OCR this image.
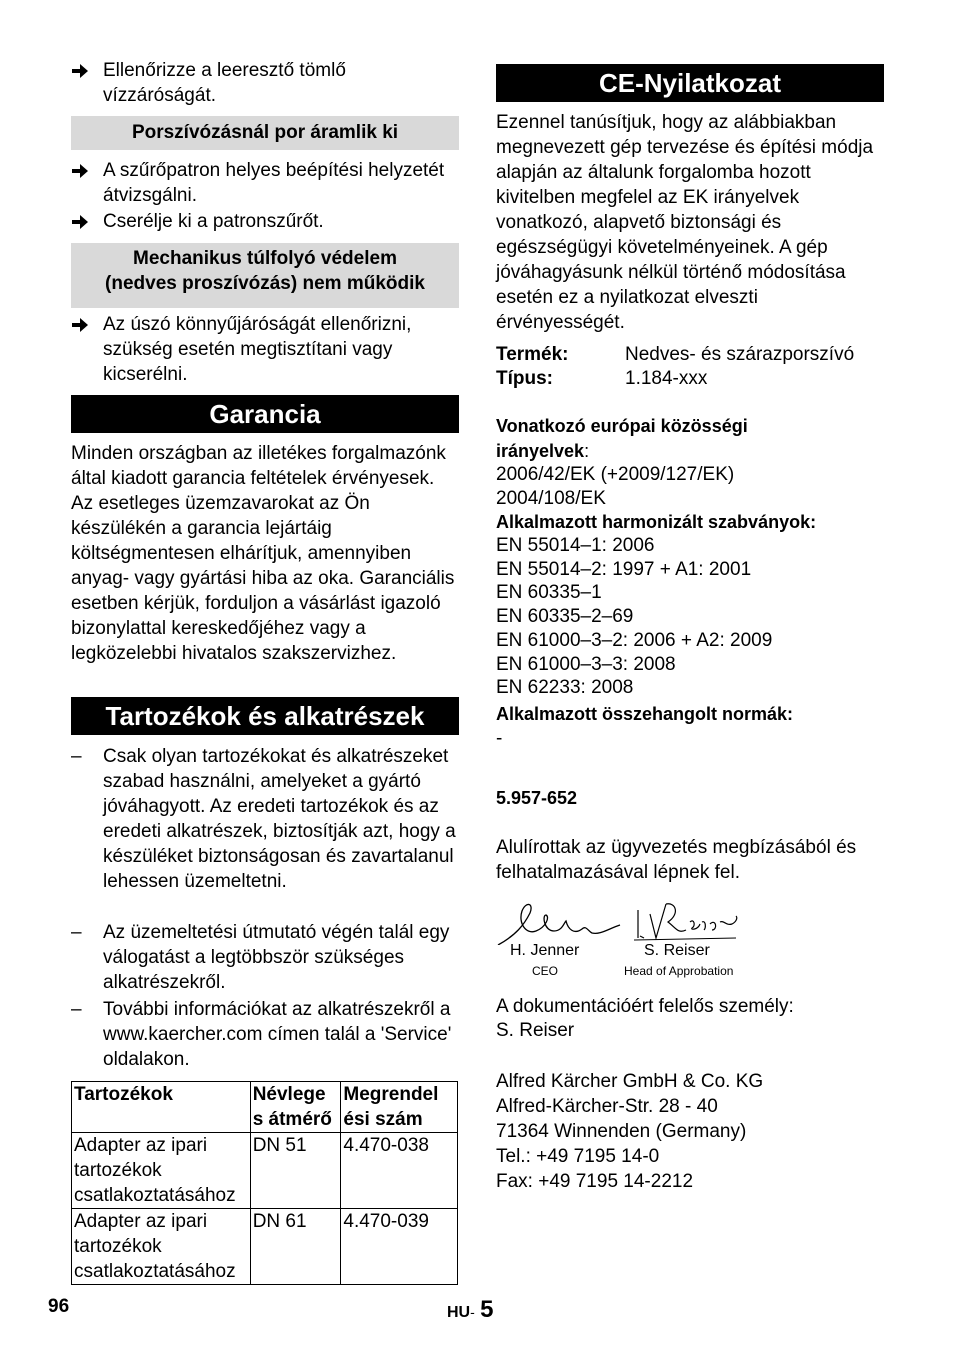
Ellenőrizze a leeresztő tömlő vízzáróságát.
Porszívózásnál por áramlik ki
A szűrőpatron helyes beépítési helyzetét átvizsgálni.
Cserélje ki a patronszűrőt.
Mechanikus túlfolyó védelem
(nedves proszívózás) nem működik
Az úszó könnyűjáróságát ellenőrizni, szükség esetén megtisztítani vagy kicserélni.
Garancia
Minden országban az illetékes forgalmazónk által kiadott garancia feltételek érvényesek. Az esetleges üzemzavarokat az Ön készülékén a garancia lejártáig költségmentesen elhárítjuk, amennyiben anyag- vagy gyártási hiba az oka. Garanciális esetben kérjük, forduljon a vásárlást igazoló bizonylattal kereskedőjéhez vagy a legközelebbi hivatalos szakszervizhez.
Tartozékok és alkatrészek
–	Csak olyan tartozékokat és alkatrészeket szabad használni, amelyeket a gyártó jóváhagyott. Az eredeti tartozékok és az eredeti alkatrészek, biztosítják azt, hogy a készüléket biztonságosan és zavartalanul lehessen üzemeltetni.
–	Az üzemeltetési útmutató végén talál egy válogatást a legtöbbször szükséges alkatrészekről.
–	További információkat az alkatrészekről a www.kaercher.com címen talál a 'Service' oldalakon.
Tartozékok	Névlege s átmérő	Megrendel ési szám
Adapter az ipari tartozékok csatlakoztatásához	DN 51	4.470-038
Adapter az ipari tartozékok csatlakoztatásához	DN 61	4.470-039
CE-Nyilatkozat
Ezennel tanúsítjuk, hogy az alábbiakban megnevezett gép tervezése és építési módja alapján az általunk forgalomba hozott kivitelben megfelel az EK irányelvek vonatkozó, alapvető biztonsági és egészségügyi követelményeinek. A gép jóváhagyásunk nélkül történő módosítása esetén ez a nyilatkozat elveszti érvényességét.
Termék:	Nedves- és szárazporszívó
Típus:	1.184-xxx
Vonatkozó európai közösségi
irányelvek:
2006/42/EK (+2009/127/EK)
2004/108/EK
Alkalmazott harmonizált szabványok:
EN 55014–1: 2006
EN 55014–2: 1997 + A1: 2001
EN 60335–1
EN 60335–2–69
EN 61000–3–2: 2006 + A2: 2009
EN 61000–3–3: 2008
EN 62233: 2008
Alkalmazott összehangolt normák:
-
5.957-652
Alulírottak az ügyvezetés megbízásából és felhatalmazásával lépnek fel.
H. Jenner
CEO
S. Reiser
Head of Approbation
A dokumentációért felelős személy:
S. Reiser
Alfred Kärcher GmbH & Co. KG
Alfred-Kärcher-Str. 28 - 40
71364 Winnenden (Germany)
Tel.: +49 7195 14-0
Fax: +49 7195 14-2212
96	HU- 5
